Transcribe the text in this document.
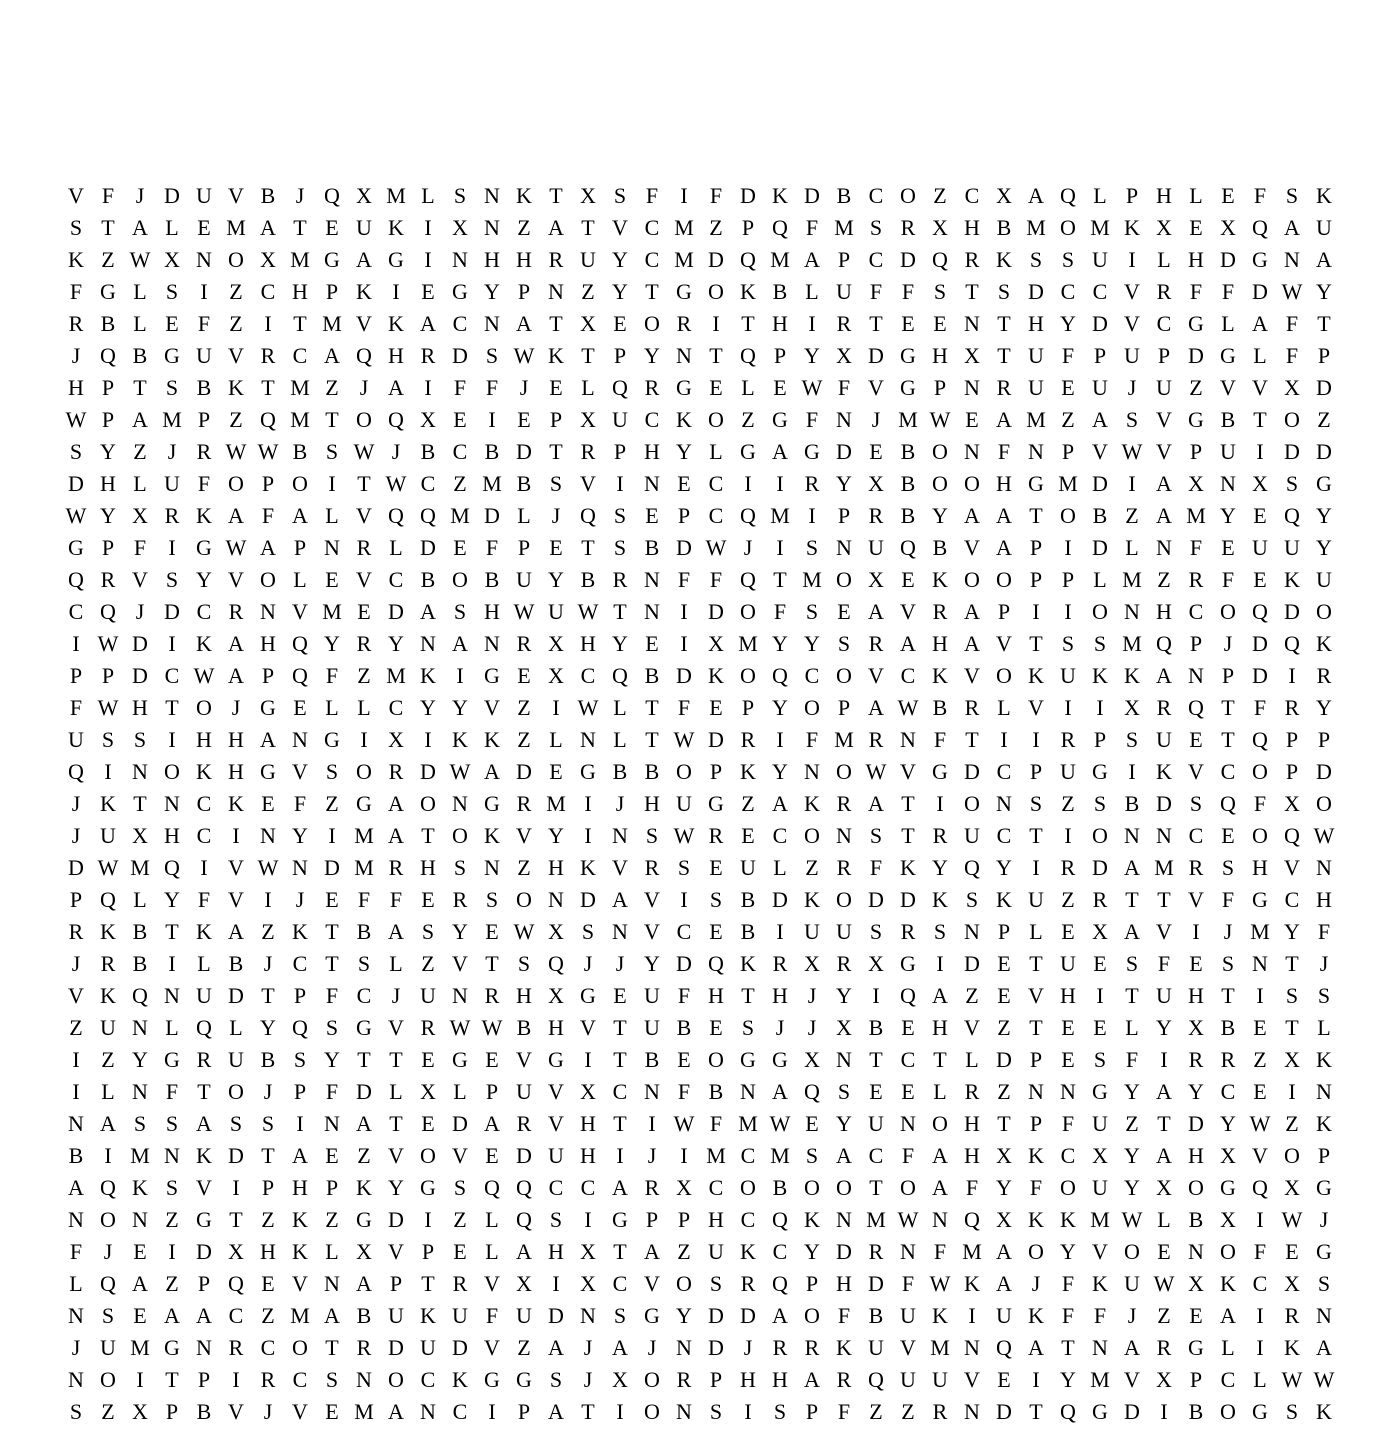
V F J D U V B J Q X M L S N K T X S F	I	F D K D B C O Z C X A Q L P H L E F S K
S T A L E M A T E U K I X N Z A T V C M Z P Q F M S R X H B M O M K X E X Q A U
K Z W X N O X M G A G I N H H R U Y C M D Q M A P C D Q R K S S U I L H D G N A
F G L S	I Z C H P K I E G Y P N Z Y T G O K B L U F F S T S D C C V R F F D W Y
R B L E F Z I T M V K A C N A T X E O R I T H I R T E E N T H Y D V C G L A F T
J Q B G U V R C A Q H R D S W K T P Y N T Q P Y X D G H X T U F P U P D G L F P
H P T S B K T M Z J A I	F F J E L Q R G E L E W F V G P N R U E U J U Z V V X D
W P A M P Z Q M T O Q X E I E P X U C K O Z G F N J M W E A M Z A S V G B T O Z
S Y Z J R W W B S W J B C B D T R P H Y L G A G D E B O N F N P V W V P U I D D
D H L U F O P O I T W C Z M B S V I N E C I	I R Y X B O O H G M D I A X N X S G
W Y X R K A F A L V Q Q M D L J Q S E P C Q M I	P R B Y A A T O B Z A M Y E Q Y
G P F	I G W A P N R L D E F P E T S B D W J	I	S N U Q B V A P	I D L N F E U U Y
Q R V S Y V O L E V C B O B U Y B R N F F Q T M O X E K O O P P L M Z R F E K U
C Q J D C R N V M E D A S H W U W T N I D O F S E A V R A P	I	I O N H C O Q D O
I W D I K A H Q Y R Y N A N R X H Y E I X M Y Y S R A H A V T S S M Q P J D Q K
P P D C W A P Q F Z M K I G E X C Q B D K O Q C O V C K V O K U K K A N P D I R
F W H T O J G E L L C Y Y V Z I W L T F E P Y O P A W B R L V I	I X R Q T F R Y
U S S	I H H A N G I X I K K Z L N L T W D R I	F M R N F T I	I R P S U E T Q P P
Q I N O K H G V S O R D W A D E G B B O P K Y N O W V G D C P U G I K V C O P D
J K T N C K E F Z G A O N G R M I	J H U G Z A K R A T I O N S Z S B D S Q F X O
J U X H C I N Y I M A T O K V Y I N S W R E C O N S T R U C T I O N N C E O Q W
D W M Q I V W N D M R H S N Z H K V R S E U L Z R F K Y Q Y I R D A M R S H V N
P Q L Y F V I	J E F F E R S O N D A V I	S B D K O D D K S K U Z R T T V F G C H
R K B T K A Z K T B A S Y E W X S N V C E B I U U S R S N P L E X A V I	J M Y F
J R B I L B J C T S L Z V T S Q J	J Y D Q K R X R X G I D E T U E S F E S N T J
V K Q N U D T P F C J U N R H X G E U F H T H J Y I Q A Z E V H I T U H T I	S S
Z U N L Q L Y Q S G V R W W B H V T U B E S J	J X B E H V Z T E E L Y X B E T L
I Z Y G R U B S Y T T E G E V G I T B E O G G X N T C T L D P E S F	I R R Z X K
I L N F T O J P F D L X L P U V X C N F B N A Q S E E L R Z N N G Y A Y C E I N
N A S S A S S	I N A T E D A R V H T I W F M W E Y U N O H T P F U Z T D Y W Z K
B I M N K D T A E Z V O V E D U H I	J	I M C M S A C F A H X K C X Y A H X V O P
A Q K S V I	P H P K Y G S Q Q C C A R X C O B O O T O A F Y F O U Y X O G Q X G
N O N Z G T Z K Z G D I Z L Q S	I G P P H C Q K N M W N Q X K K M W L B X I W J
F J E I D X H K L X V P E L A H X T A Z U K C Y D R N F M A O Y V O E N O F E G
L Q A Z P Q E V N A P T R V X I X C V O S R Q P H D F W K A J F K U W X K C X S
N S E A A C Z M A B U K U F U D N S G Y D D A O F B U K I U K F F J Z E A I R N
J U M G N R C O T R D U D V Z A J A J N D J R R K U V M N Q A T N A R G L I K A
N O I T P	I R C S N O C K G G S J X O R P H H A R Q U U V E I Y M V X P C L W W
S Z X P B V J V E M A N C I	P A T I O N S	I	S P F Z Z R N D T Q G D I B O G S K
